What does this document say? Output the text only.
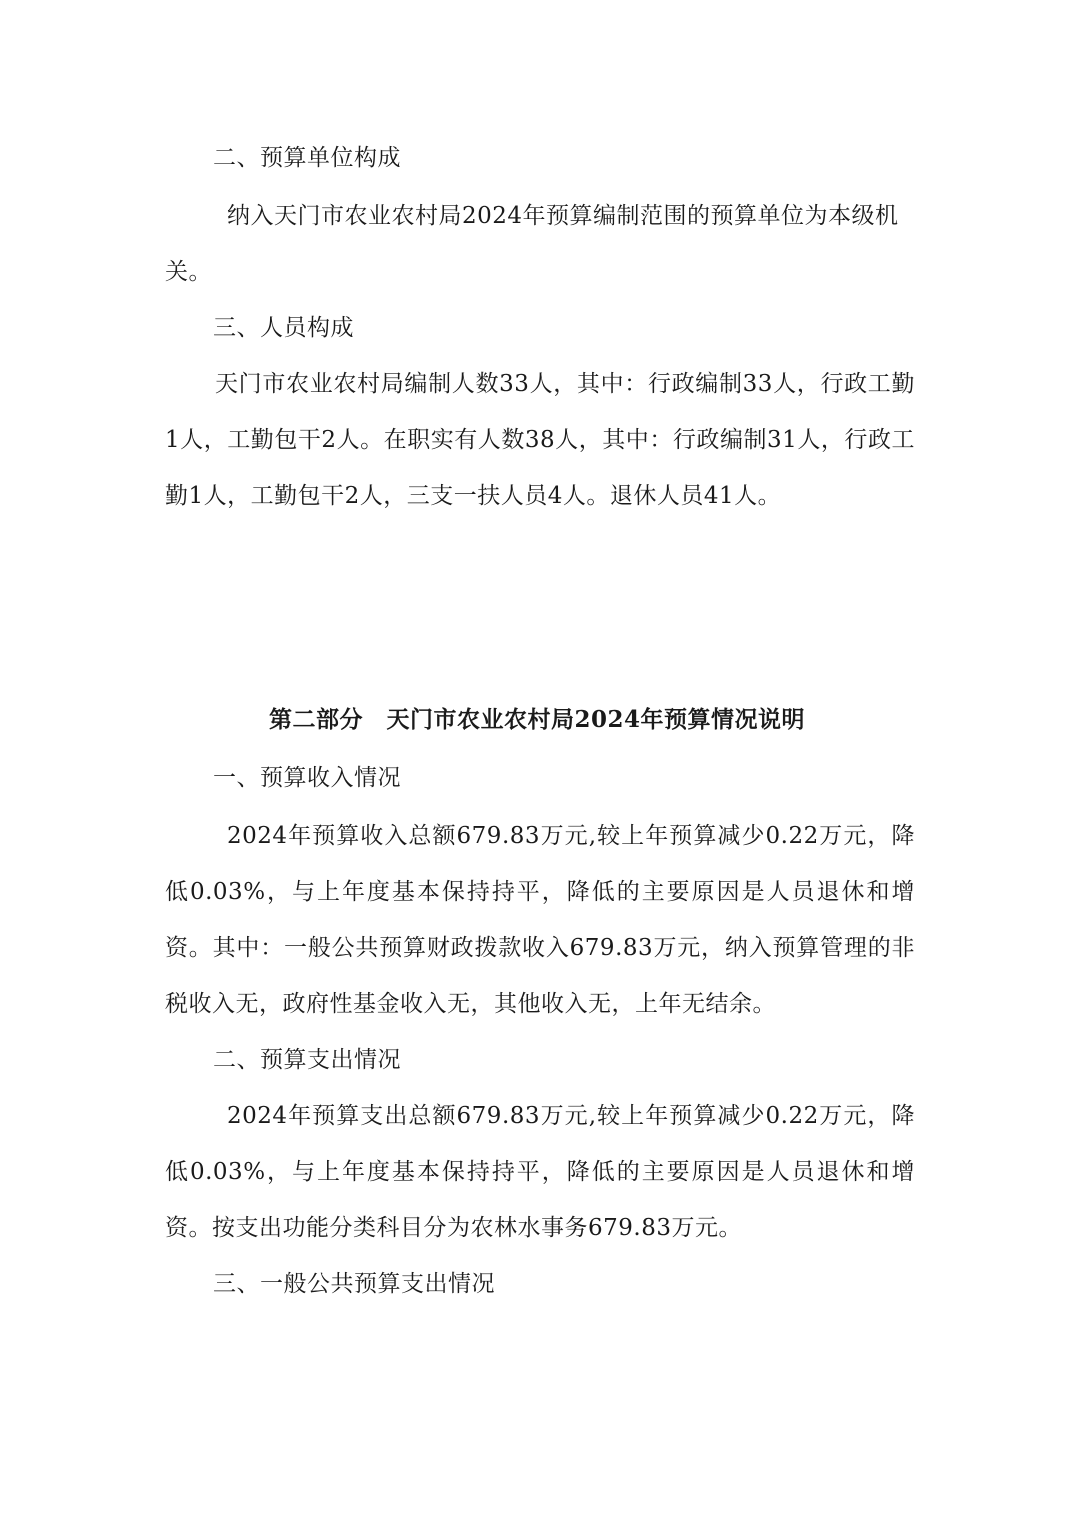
二、预算单位构成

纳入天门市农业农村局2024年预算编制范围的预算单位为本级机关。

三、人员构成

天门市农业农村局编制人数33人，其中：行政编制33人，行政工勤1人，工勤包干2人。在职实有人数38人，其中：行政编制31人，行政工勤1人，工勤包干2人，三支一扶人员4人。退休人员41人。

第二部分　天门市农业农村局2024年预算情况说明

一、预算收入情况

2024年预算收入总额679.83万元,较上年预算减少0.22万元，降低0.03%，与上年度基本保持持平，降低的主要原因是人员退休和增资。其中：一般公共预算财政拨款收入679.83万元，纳入预算管理的非税收入无，政府性基金收入无，其他收入无，上年无结余。

二、预算支出情况

2024年预算支出总额679.83万元,较上年预算减少0.22万元，降低0.03%，与上年度基本保持持平，降低的主要原因是人员退休和增资。按支出功能分类科目分为农林水事务679.83万元。

三、一般公共预算支出情况
